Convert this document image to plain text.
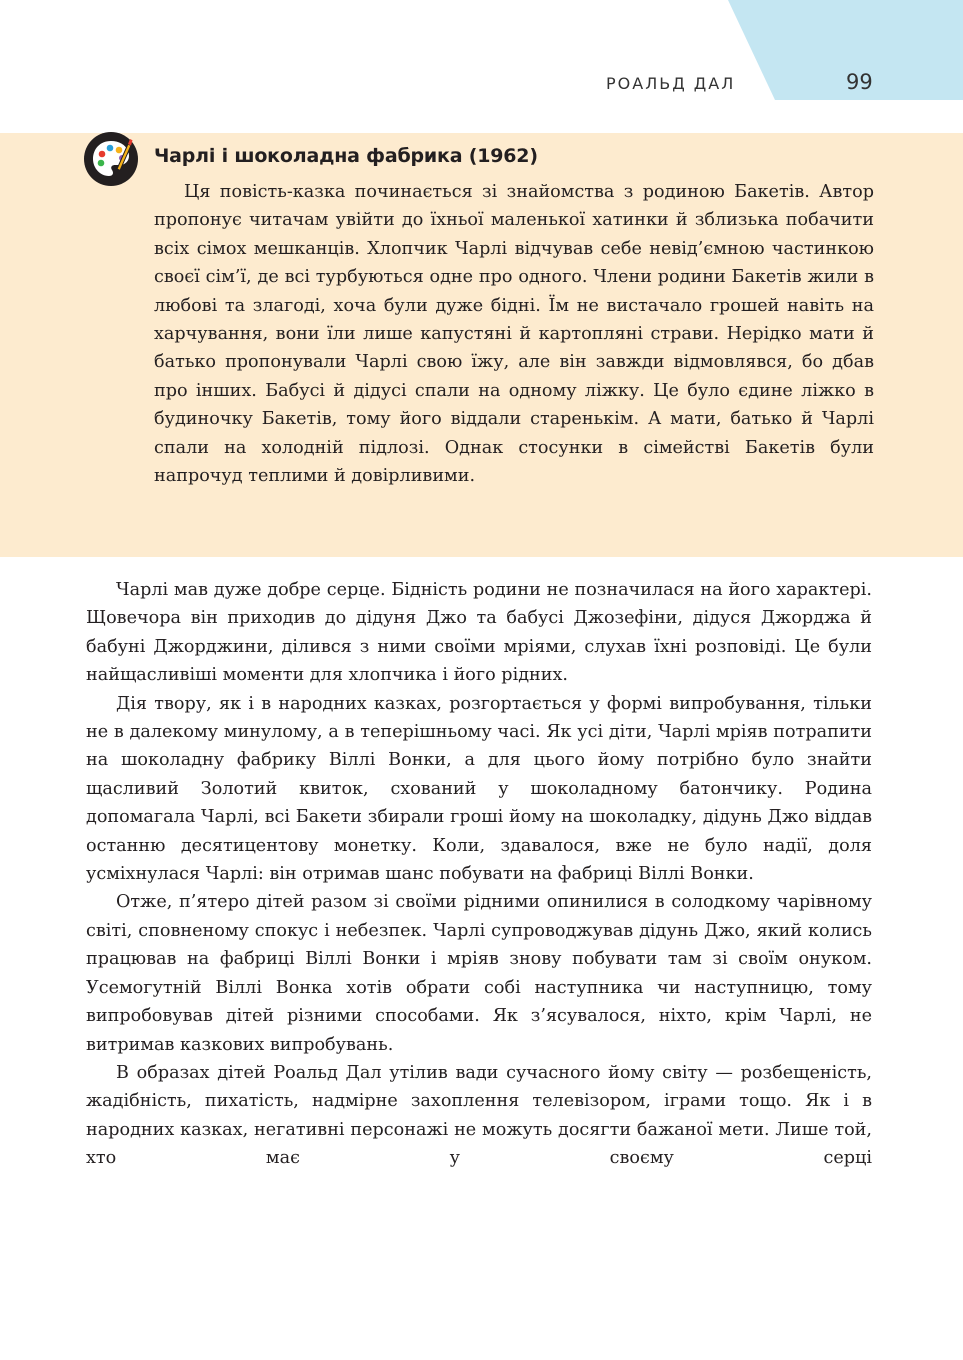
РОАЛЬД ДАЛ	99
Чарлі і шоколадна фабрика (1962)

Ця повість-казка починається зі знайомства з родиною Бакетів. Автор пропонує читачам увійти до їхньої маленької хатинки й зблизька побачити всіх сімох мешканців. Хлопчик Чарлі відчував себе невід’ємною частинкою своєї сім’ї, де всі турбуються одне про одного. Члени родини Бакетів жили в любові та злагоді, хоча були дуже бідні. Їм не вистачало грошей навіть на харчування, вони їли лише капустяні й картопляні страви. Нерідко мати й батько пропонували Чарлі свою їжу, але він завжди відмовлявся, бо дбав про інших. Бабусі й дідусі спали на одному ліжку. Це було єдине ліжко в будиночку Бакетів, тому його віддали старенькім. А мати, батько й Чарлі спали на холодній підлозі. Однак стосунки в сімействі Бакетів були напрочуд теплими й довірливими.

Чарлі мав дуже добре серце. Бідність родини не позначилася на його характері. Щовечора він приходив до дідуня Джо та бабусі Джозефіни, дідуся Джорджа й бабуні Джорджини, ділився з ними своїми мріями, слухав їхні розповіді. Це були найщасливіші моменти для хлопчика і його рідних.

Дія твору, як і в народних казках, розгортається у формі випробування, тільки не в далекому минулому, а в теперішньому часі. Як усі діти, Чарлі мріяв потрапити на шоколадну фабрику Віллі Вонки, а для цього йому потрібно було знайти щасливий Золотий квиток, схований у шоколадному батончику. Родина допомагала Чарлі, всі Бакети збирали гроші йому на шоколадку, дідунь Джо віддав останню десятицентову монетку. Коли, здавалося, вже не було надії, доля усміхнулася Чарлі: він отримав шанс побувати на фабриці Віллі Вонки.

Отже, п’ятеро дітей разом зі своїми рідними опинилися в солодкому чарівному світі, сповненому спокус і небезпек. Чарлі супроводжував дідунь Джо, який колись працював на фабриці Віллі Вонки і мріяв знову побувати там зі своїм онуком. Усемогутній Віллі Вонка хотів обрати собі наступника чи наступницю, тому випробовував дітей різними способами. Як з’ясувалося, ніхто, крім Чарлі, не витримав казкових випробувань.

В образах дітей Роальд Дал утілив вади сучасного йому світу — розбещеність, жадібність, пихатість, надмірне захоплення телевізором, іграми тощо. Як і в народних казках, негативні персонажі не можуть досягти бажаної мети. Лише той, хто має у своєму серці
